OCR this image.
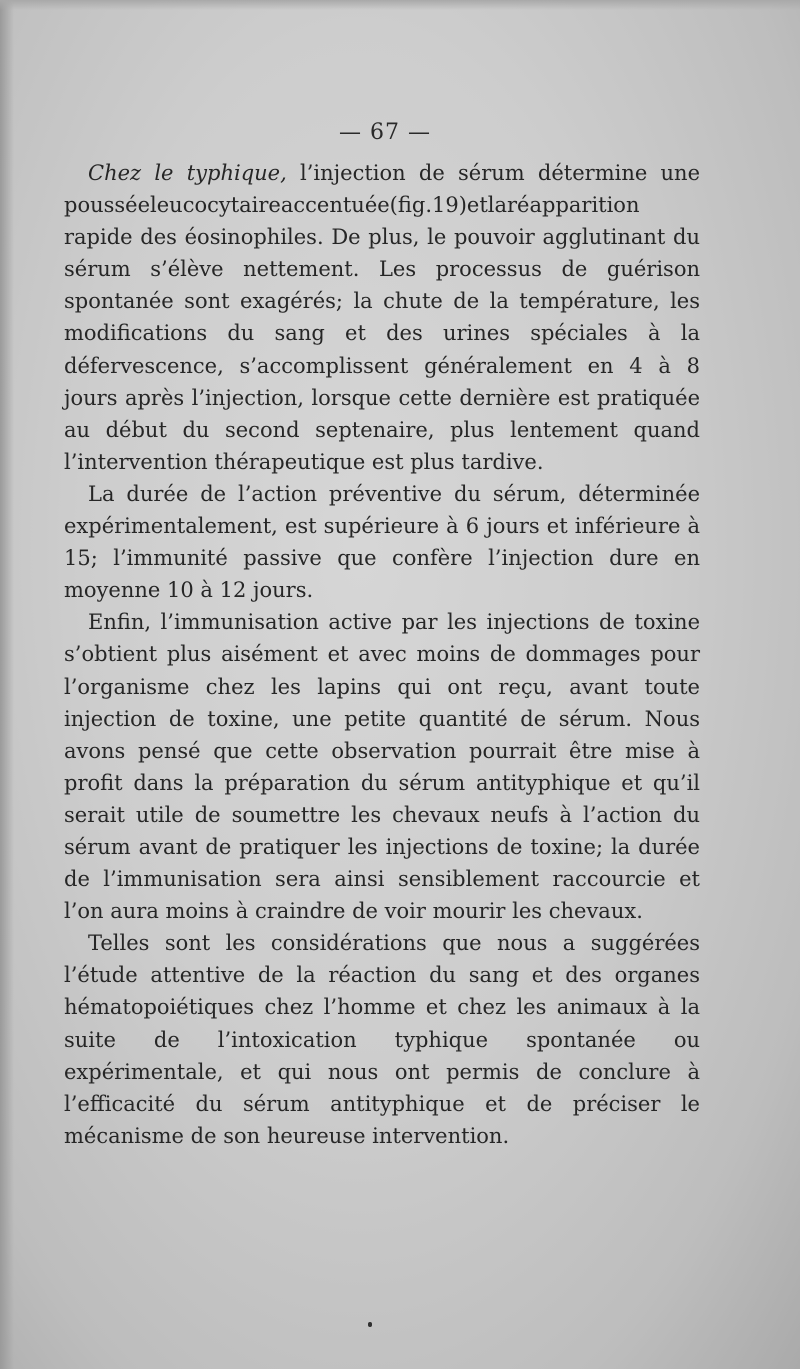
— 67 —

Chez le typhique, l’injection de sérum détermine une pousséeleucocytaireaccentuée(fig.19)etlaréapparition rapide des éosinophiles. De plus, le pouvoir agglutinant du sérum s’élève nettement. Les processus de guérison spontanée sont exagérés; la chute de la température, les modifications du sang et des urines spéciales à la défervescence, s’accomplissent généralement en 4 à 8 jours après l’injection, lorsque cette dernière est pratiquée au début du second septenaire, plus lentement quand l’intervention thérapeutique est plus tardive.

La durée de l’action préventive du sérum, déterminée expérimentalement, est supérieure à 6 jours et inférieure à 15; l’immunité passive que confère l’injection dure en moyenne 10 à 12 jours.

Enfin, l’immunisation active par les injections de toxine s’obtient plus aisément et avec moins de dommages pour l’organisme chez les lapins qui ont reçu, avant toute injection de toxine, une petite quantité de sérum. Nous avons pensé que cette observation pourrait être mise à profit dans la préparation du sérum antityphique et qu’il serait utile de soumettre les chevaux neufs à l’action du sérum avant de pratiquer les injections de toxine; la durée de l’immunisation sera ainsi sensiblement raccourcie et l’on aura moins à craindre de voir mourir les chevaux.

Telles sont les considérations que nous a suggérées l’étude attentive de la réaction du sang et des organes hématopoiétiques chez l’homme et chez les animaux à la suite de l’intoxication typhique spontanée ou expérimentale, et qui nous ont permis de conclure à l’efficacité du sérum antityphique et de préciser le mécanisme de son heureuse intervention.
